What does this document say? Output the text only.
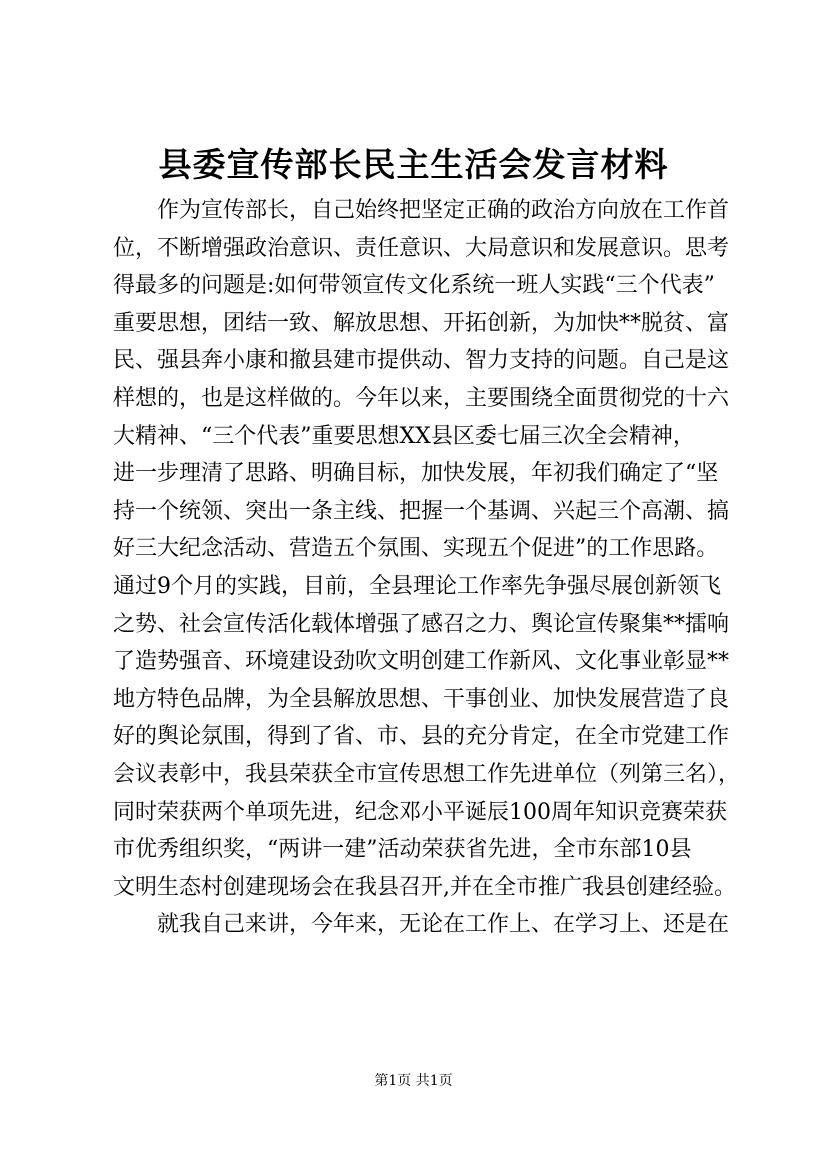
县委宣传部长民主生活会发言材料
作为宣传部长，自己始终把坚定正确的政治方向放在工作首
位，不断增强政治意识、责任意识、大局意识和发展意识。思考
得最多的问题是:如何带领宣传文化系统一班人实践“三个代表”
重要思想，团结一致、解放思想、开拓创新，为加快**脱贫、富
民、强县奔小康和撤县建市提供动、智力支持的问题。自己是这
样想的，也是这样做的。今年以来，主要围绕全面贯彻党的十六
大精神、“三个代表”重要思想XX县区委七届三次全会精神，
进一步理清了思路、明确目标，加快发展，年初我们确定了“坚
持一个统领、突出一条主线、把握一个基调、兴起三个高潮、搞
好三大纪念活动、营造五个氛围、实现五个促进”的工作思路。
通过9个月的实践，目前，全县理论工作率先争强尽展创新领飞
之势、社会宣传活化载体增强了感召之力、舆论宣传聚集**擂响
了造势强音、环境建设劲吹文明创建工作新风、文化事业彰显**
地方特色品牌，为全县解放思想、干事创业、加快发展营造了良
好的舆论氛围，得到了省、市、县的充分肯定，在全市党建工作
会议表彰中，我县荣获全市宣传思想工作先进单位（列第三名），
同时荣获两个单项先进，纪念邓小平诞辰100周年知识竞赛荣获
市优秀组织奖，“两讲一建”活动荣获省先进，全市东部10县
文明生态村创建现场会在我县召开,并在全市推广我县创建经验。
就我自己来讲，今年来，无论在工作上、在学习上、还是在
第1页 共1页
